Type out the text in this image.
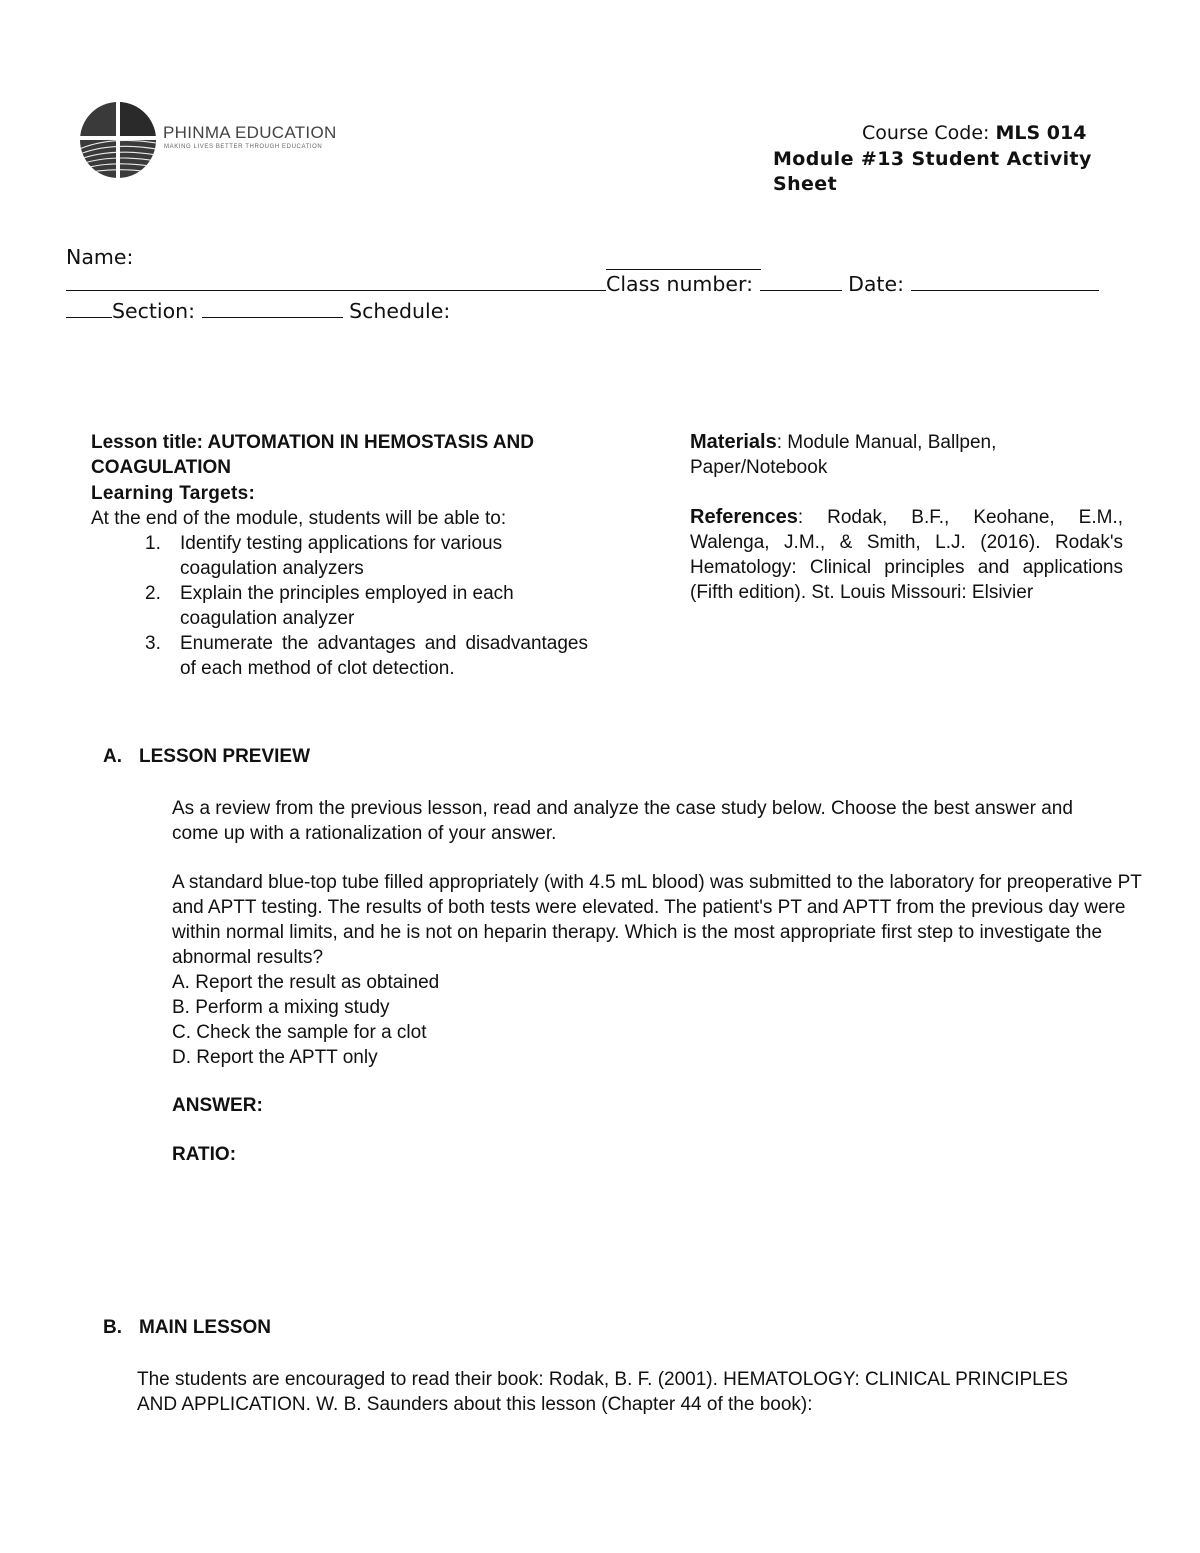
PHINMA EDUCATION
MAKING LIVES BETTER THROUGH EDUCATION
Course Code: MLS 014
Module #13 Student Activity Sheet
Name:
Class number:	Date:
Section:	Schedule:
Lesson title: AUTOMATION IN HEMOSTASIS AND COAGULATION
Learning Targets:
At the end of the module, students will be able to:
1. Identify testing applications for various coagulation analyzers
2. Explain the principles employed in each coagulation analyzer
3. Enumerate the advantages and disadvantages of each method of clot detection.
Materials: Module Manual, Ballpen, Paper/Notebook
References: Rodak, B.F., Keohane, E.M., Walenga, J.M., & Smith, L.J. (2016). Rodak's Hematology: Clinical principles and applications (Fifth edition). St. Louis Missouri: Elsivier
A. LESSON PREVIEW
As a review from the previous lesson, read and analyze the case study below. Choose the best answer and come up with a rationalization of your answer.
A standard blue-top tube filled appropriately (with 4.5 mL blood) was submitted to the laboratory for preoperative PT and APTT testing. The results of both tests were elevated. The patient's PT and APTT from the previous day were within normal limits, and he is not on heparin therapy. Which is the most appropriate first step to investigate the abnormal results?
A. Report the result as obtained
B. Perform a mixing study
C. Check the sample for a clot
D. Report the APTT only
ANSWER:
RATIO:
B. MAIN LESSON
The students are encouraged to read their book: Rodak, B. F. (2001). HEMATOLOGY: CLINICAL PRINCIPLES AND APPLICATION. W. B. Saunders about this lesson (Chapter 44 of the book):
